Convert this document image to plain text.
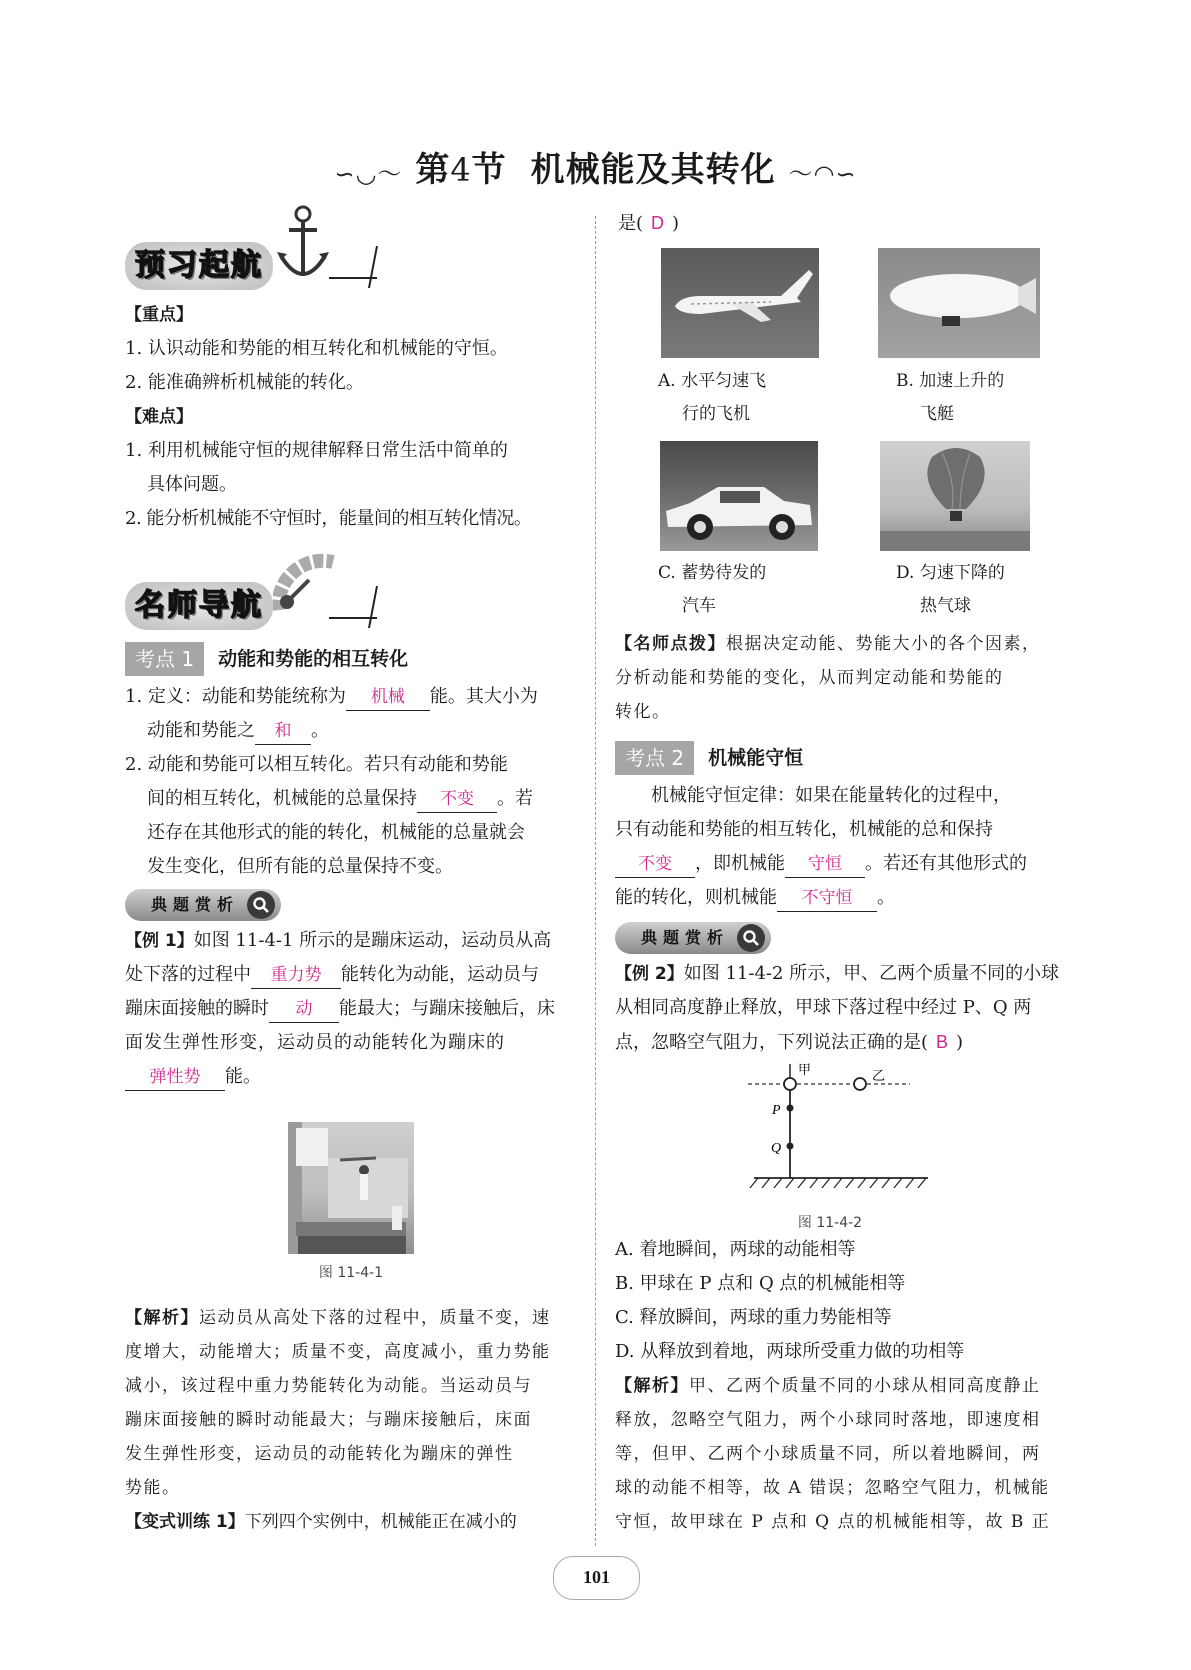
∽◡～ 第4节 机械能及其转化 ～◠∽
预习起航

【重点】

1. 认识动能和势能的相互转化和机械能的守恒。

2. 能准确辨析机械能的转化。

【难点】

1. 利用机械能守恒的规律解释日常生活中简单的

具体问题。

2. 能分析机械能不守恒时，能量间的相互转化情况。

名师导航
考点 1	动能和势能的相互转化

1. 定义：动能和势能统称为 机械 能。其大小为

动能和势能之 和 。

2. 动能和势能可以相互转化。若只有动能和势能

间的相互转化，机械能的总量保持 不变 。若

还存在其他形式的能的转化，机械能的总量就会

发生变化，但所有能的总量保持不变。

典题赏析

【例 1】如图 11-4-1 所示的是蹦床运动，运动员从高

处下落的过程中 重力势 能转化为动能，运动员与

蹦床面接触的瞬时 动 能最大；与蹦床接触后，床

面发生弹性形变，运动员的动能转化为蹦床的

弹性势 能。

图 11-4-1

【解析】运动员从高处下落的过程中，质量不变，速

度增大，动能增大；质量不变，高度减小，重力势能

减小，该过程中重力势能转化为动能。当运动员与

蹦床面接触的瞬时动能最大；与蹦床接触后，床面

发生弹性形变，运动员的动能转化为蹦床的弹性

势能。

【变式训练 1】下列四个实例中，机械能正在减小的

是( D )

A. 水平匀速飞
行的飞机
B. 加速上升的
飞艇
C. 蓄势待发的
汽车
D. 匀速下降的
热气球

【名师点拨】根据决定动能、势能大小的各个因素，

分析动能和势能的变化，从而判定动能和势能的

转化。

考点 2	机械能守恒

机械能守恒定律：如果在能量转化的过程中，

只有动能和势能的相互转化，机械能的总和保持

不变 ，即机械能 守恒 。若还有其他形式的

能的转化，则机械能 不守恒 。

典题赏析

【例 2】如图 11-4-2 所示，甲、乙两个质量不同的小球

从相同高度静止释放，甲球下落过程中经过 P、Q 两

点，忽略空气阻力，下列说法正确的是( B )

甲	乙
P
Q
图 11-4-2

A. 着地瞬间，两球的动能相等

B. 甲球在 P 点和 Q 点的机械能相等

C. 释放瞬间，两球的重力势能相等

D. 从释放到着地，两球所受重力做的功相等

【解析】甲、乙两个质量不同的小球从相同高度静止

释放，忽略空气阻力，两个小球同时落地，即速度相

等，但甲、乙两个小球质量不同，所以着地瞬间，两

球的动能不相等，故 A 错误；忽略空气阻力，机械能

守恒，故甲球在 P 点和 Q 点的机械能相等，故 B 正

101
